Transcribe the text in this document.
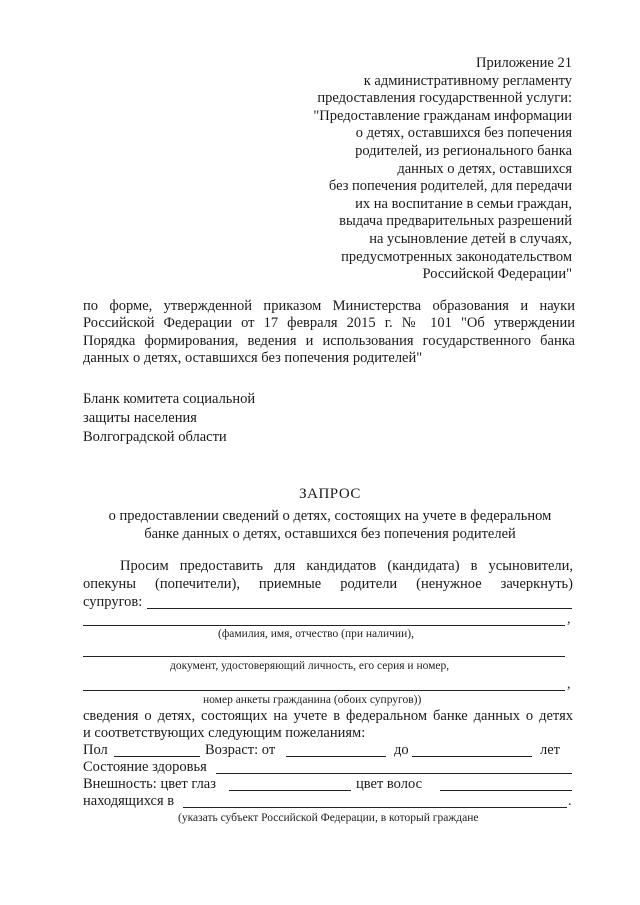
Приложение 21
к административному регламенту
предоставления государственной услуги:
"Предоставление гражданам информации
о детях, оставшихся без попечения
родителей, из регионального банка
данных о детях, оставшихся
без попечения родителей, для передачи
их на воспитание в семьи граждан,
выдача предварительных разрешений
на усыновление детей в случаях,
предусмотренных законодательством
Российской Федерации"
по форме, утвержденной приказом Министерства образования и науки
Российской Федерации от 17 февраля 2015 г. № 101 "Об утверждении
Порядка формирования, ведения и использования государственного банка
данных о детях, оставшихся без попечения родителей"
Бланк комитета социальной
защиты населения
Волгоградской области
ЗАПРОС
о предоставлении сведений о детях, состоящих на учете в федеральном
банке данных о детях, оставшихся без попечения родителей
Просим предоставить для кандидатов (кандидата) в усыновители,
опекуны (попечители), приемные родители (ненужное зачеркнуть)
супругов:
,
(фамилия, имя, отчество (при наличии),
документ, удостоверяющий личность, его серия и номер,
,
номер анкеты гражданина (обоих супругов))
сведения о детях, состоящих на учете в федеральном банке данных о детях
и соответствующих следующим пожеланиям:
Пол	Возраст: от	до	лет
Состояние здоровья
Внешность: цвет глаз	цвет волос
находящихся в	.
(указать субъект Российской Федерации, в который граждане
